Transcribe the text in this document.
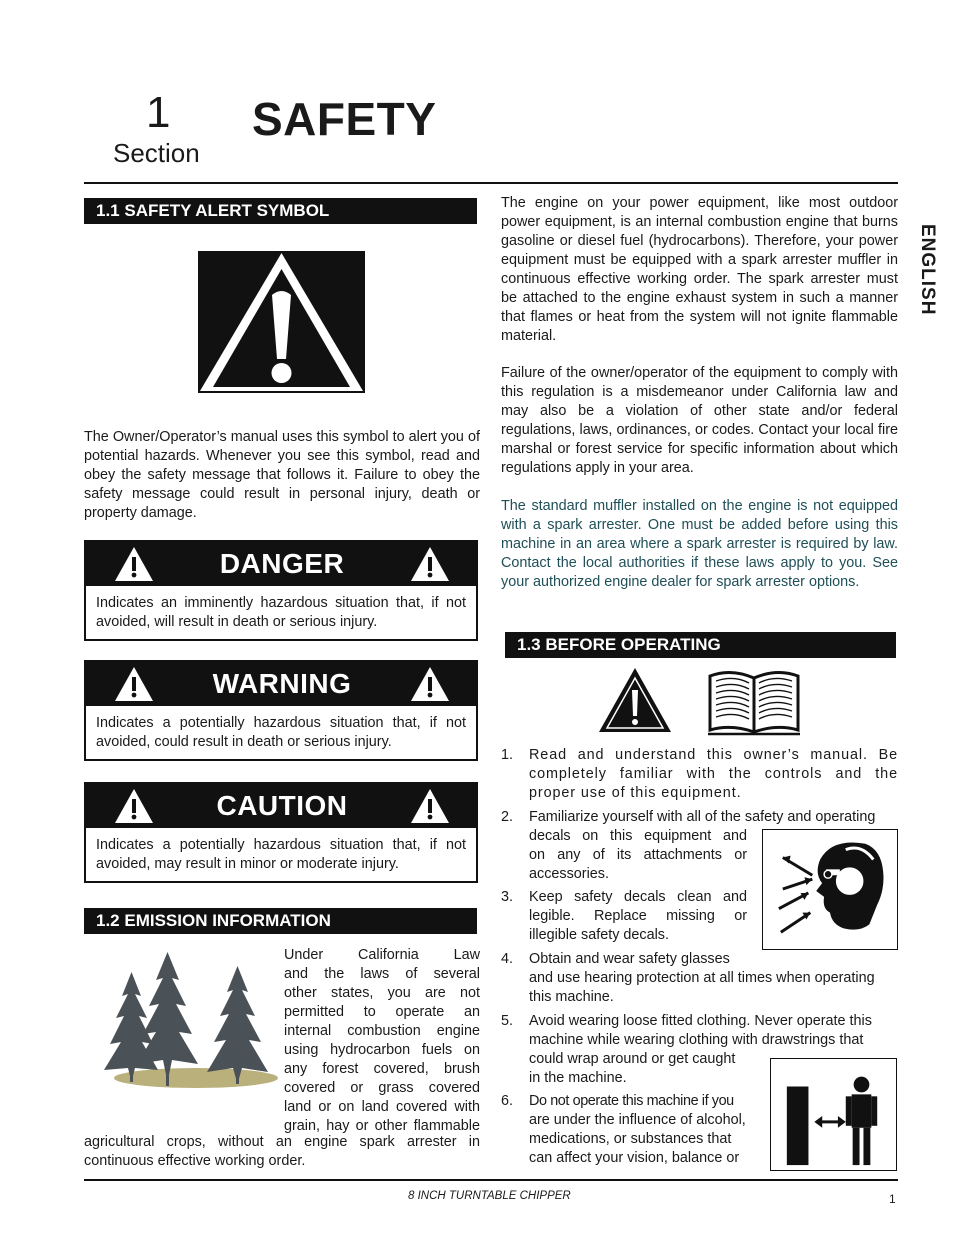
1
Section
SAFETY
ENGLISH
1.1 SAFETY ALERT SYMBOL
The Owner/Operator’s manual uses this symbol to alert you of potential hazards. Whenever you see this symbol, read and obey the safety message that follows it. Failure to obey the safety message could result in personal injury, death or property damage.
DANGER
Indicates an imminently hazardous situation that, if not avoided, will result in death or serious injury.
WARNING
Indicates a potentially hazardous situation that, if not avoided, could result in death or serious injury.
CAUTION
Indicates a potentially hazardous situation that, if not avoided, may result in minor or moderate injury.
1.2 EMISSION INFORMATION
Under California Law
and the laws of several
other states, you are not
permitted to operate an
internal combustion engine
using hydrocarbon fuels on
any forest covered, brush
covered or grass covered
land or on land covered with
grain, hay or other flammable
agricultural crops, without an engine spark arrester in continuous effective working order.
The engine on your power equipment, like most outdoor power equipment, is an internal combustion engine that burns gasoline or diesel fuel (hydrocarbons). Therefore, your power equipment must be equipped with a spark arrester muffler in continuous effective working order. The spark arrester must be attached to the engine exhaust system in such a manner that flames or heat from the system will not ignite flammable material.
Failure of the owner/operator of the equipment to comply with this regulation is a misdemeanor under California law and may also be a violation of other state and/or federal regulations, laws, ordinances, or codes. Contact your local fire marshal or forest service for specific information about which regulations apply in your area.
The standard muffler installed on the engine is not equipped with a spark arrester. One must be added before using this machine in an area where a spark arrester is required by law. Contact the local authorities if these laws apply to you. See your authorized engine dealer for spark arrester options.
1.3 BEFORE OPERATING
1. Read and understand this owner’s manual. Be completely familiar with the controls and the proper use of this equipment.
2. Familiarize yourself with all of the safety and operating
decals on this equipment and
on any of its attachments or
accessories.
3. Keep safety decals clean and
legible. Replace missing or
illegible safety decals.
4. Obtain and wear safety glasses
and use hearing protection at all times when operating
this machine.
5. Avoid wearing loose fitted clothing. Never operate this
machine while wearing clothing with drawstrings that
could wrap around or get caught
in the machine.
6. Do not operate this machine if you
are under the influence of alcohol,
medications, or substances that
can affect your vision, balance or
8 INCH TURNTABLE CHIPPER	1
